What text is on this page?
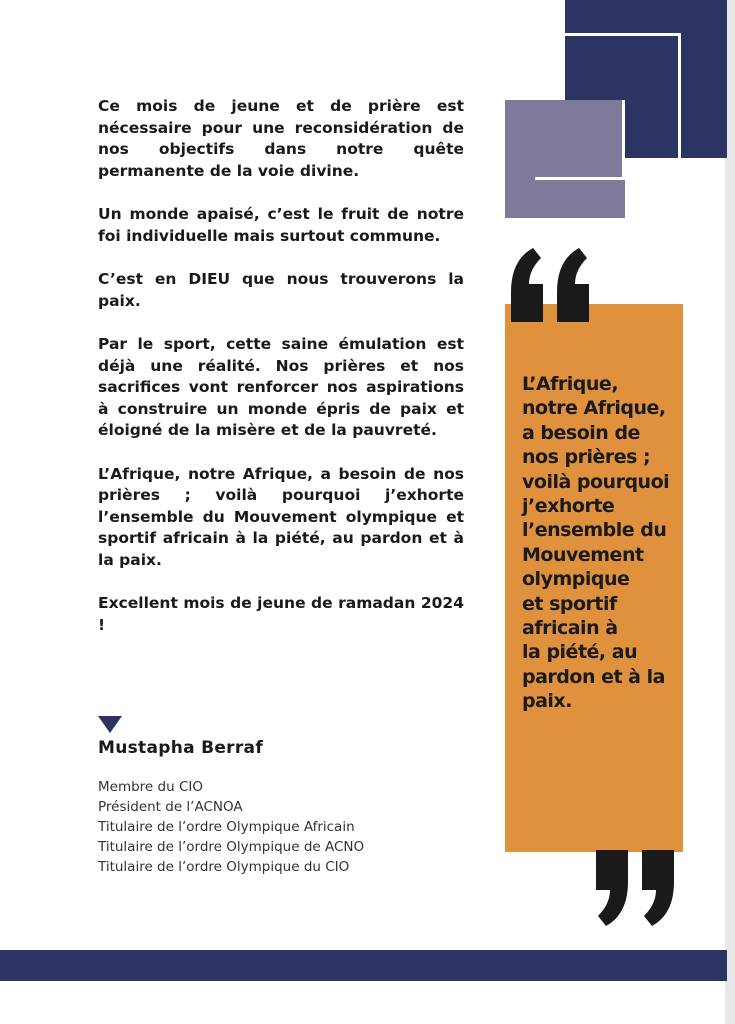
Ce mois de jeune et de prière est nécessaire pour une reconsidération de nos objectifs dans notre quête permanente de la voie divine.

Un monde apaisé, c’est le fruit de notre foi individuelle mais surtout commune.

C’est en DIEU que nous trouverons la paix.

Par le sport, cette saine émulation est déjà une réalité. Nos prières et nos sacrifices vont renforcer nos aspirations à construire un monde épris de paix et éloigné de la misère et de la pauvreté.

L’Afrique, notre Afrique, a besoin de nos prières ; voilà pourquoi j’exhorte l’ensemble du Mouvement olympique et sportif africain à la piété, au pardon et à la paix.

Excellent mois de jeune de ramadan 2024 !

Mustapha Berraf
Membre du CIO
Président de l’ACNOA
Titulaire de l’ordre Olympique Africain
Titulaire de l’ordre Olympique de ACNO
Titulaire de l’ordre Olympique du CIO
L’Afrique,
notre Afrique,
a besoin de
nos prières ;
voilà pourquoi
j’exhorte
l’ensemble du
Mouvement
olympique
et sportif
africain à
la piété, au
pardon et à la
paix.
